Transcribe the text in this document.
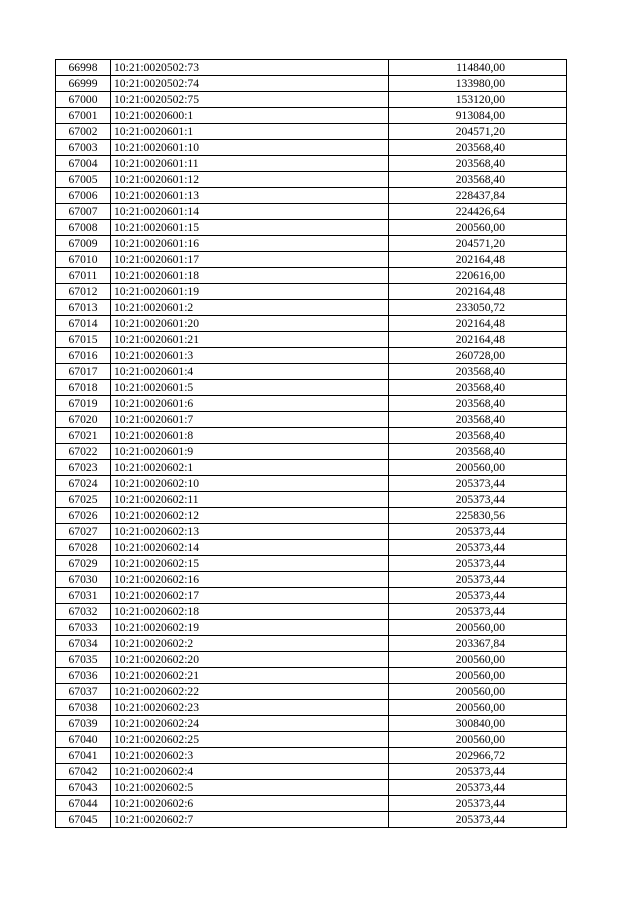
66998	10:21:0020502:73	114840,00
66999	10:21:0020502:74	133980,00
67000	10:21:0020502:75	153120,00
67001	10:21:0020600:1	913084,00
67002	10:21:0020601:1	204571,20
67003	10:21:0020601:10	203568,40
67004	10:21:0020601:11	203568,40
67005	10:21:0020601:12	203568,40
67006	10:21:0020601:13	228437,84
67007	10:21:0020601:14	224426,64
67008	10:21:0020601:15	200560,00
67009	10:21:0020601:16	204571,20
67010	10:21:0020601:17	202164,48
67011	10:21:0020601:18	220616,00
67012	10:21:0020601:19	202164,48
67013	10:21:0020601:2	233050,72
67014	10:21:0020601:20	202164,48
67015	10:21:0020601:21	202164,48
67016	10:21:0020601:3	260728,00
67017	10:21:0020601:4	203568,40
67018	10:21:0020601:5	203568,40
67019	10:21:0020601:6	203568,40
67020	10:21:0020601:7	203568,40
67021	10:21:0020601:8	203568,40
67022	10:21:0020601:9	203568,40
67023	10:21:0020602:1	200560,00
67024	10:21:0020602:10	205373,44
67025	10:21:0020602:11	205373,44
67026	10:21:0020602:12	225830,56
67027	10:21:0020602:13	205373,44
67028	10:21:0020602:14	205373,44
67029	10:21:0020602:15	205373,44
67030	10:21:0020602:16	205373,44
67031	10:21:0020602:17	205373,44
67032	10:21:0020602:18	205373,44
67033	10:21:0020602:19	200560,00
67034	10:21:0020602:2	203367,84
67035	10:21:0020602:20	200560,00
67036	10:21:0020602:21	200560,00
67037	10:21:0020602:22	200560,00
67038	10:21:0020602:23	200560,00
67039	10:21:0020602:24	300840,00
67040	10:21:0020602:25	200560,00
67041	10:21:0020602:3	202966,72
67042	10:21:0020602:4	205373,44
67043	10:21:0020602:5	205373,44
67044	10:21:0020602:6	205373,44
67045	10:21:0020602:7	205373,44
